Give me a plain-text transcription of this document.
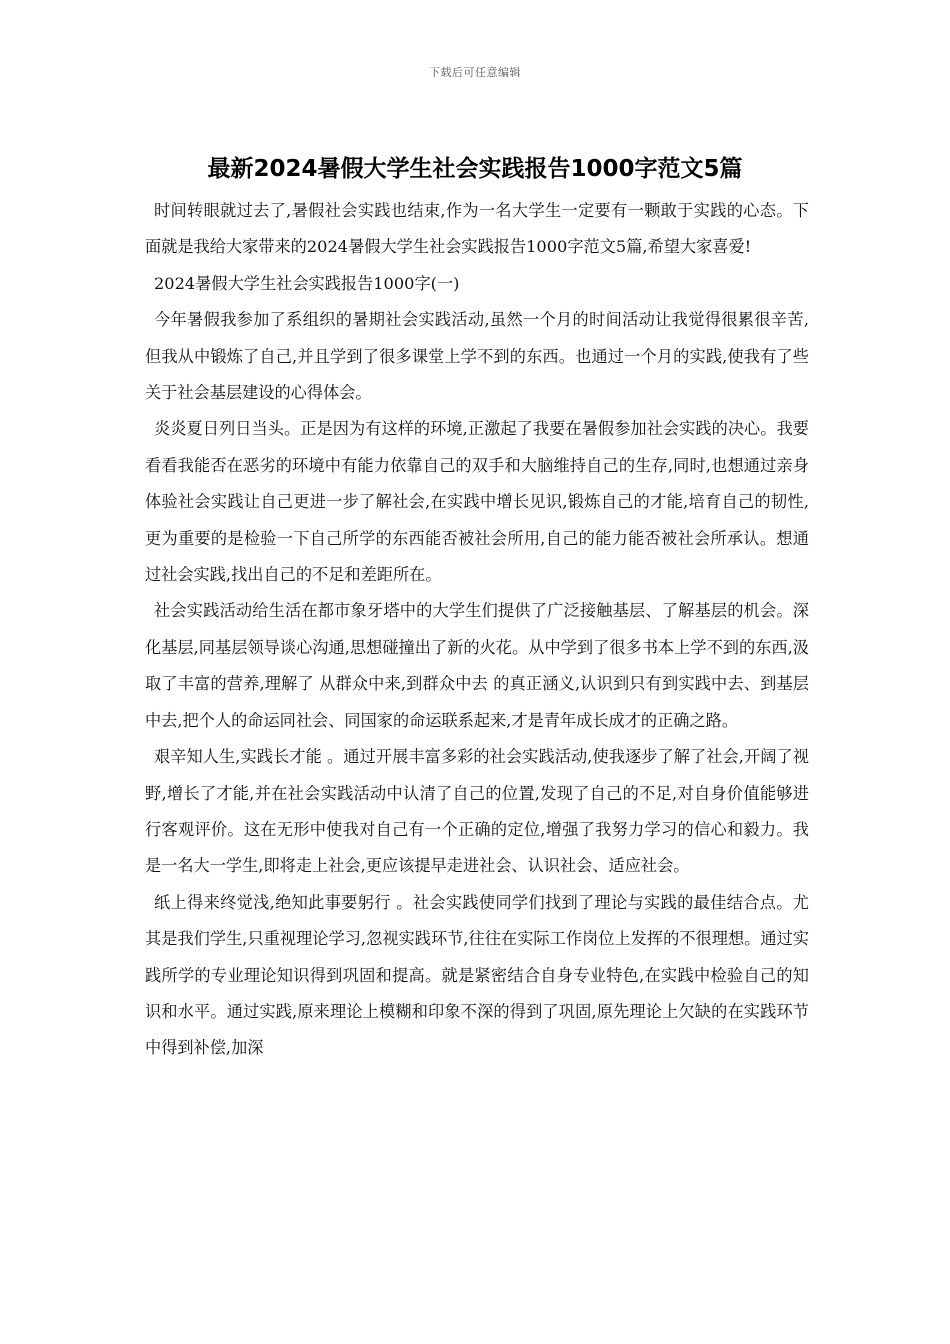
下载后可任意编辑
最新2024暑假大学生社会实践报告1000字范文5篇

时间转眼就过去了,暑假社会实践也结束,作为一名大学生一定要有一颗敢于实践的心态。下面就是我给大家带来的2024暑假大学生社会实践报告1000字范文5篇,希望大家喜爱!

2024暑假大学生社会实践报告1000字(一)

今年暑假我参加了系组织的暑期社会实践活动,虽然一个月的时间活动让我觉得很累很辛苦,但我从中锻炼了自己,并且学到了很多课堂上学不到的东西。也通过一个月的实践,使我有了些关于社会基层建设的心得体会。

炎炎夏日列日当头。正是因为有这样的环境,正激起了我要在暑假参加社会实践的决心。我要看看我能否在恶劣的环境中有能力依靠自己的双手和大脑维持自己的生存,同时,也想通过亲身体验社会实践让自己更进一步了解社会,在实践中增长见识,锻炼自己的才能,培育自己的韧性,更为重要的是检验一下自己所学的东西能否被社会所用,自己的能力能否被社会所承认。想通过社会实践,找出自己的不足和差距所在。

社会实践活动给生活在都市象牙塔中的大学生们提供了广泛接触基层、了解基层的机会。深化基层,同基层领导谈心沟通,思想碰撞出了新的火花。从中学到了很多书本上学不到的东西,汲取了丰富的营养,理解了 从群众中来,到群众中去 的真正涵义,认识到只有到实践中去、到基层中去,把个人的命运同社会、同国家的命运联系起来,才是青年成长成才的正确之路。

艰辛知人生,实践长才能 。通过开展丰富多彩的社会实践活动,使我逐步了解了社会,开阔了视野,增长了才能,并在社会实践活动中认清了自己的位置,发现了自己的不足,对自身价值能够进行客观评价。这在无形中使我对自己有一个正确的定位,增强了我努力学习的信心和毅力。我是一名大一学生,即将走上社会,更应该提早走进社会、认识社会、适应社会。

纸上得来终觉浅,绝知此事要躬行 。社会实践使同学们找到了理论与实践的最佳结合点。尤其是我们学生,只重视理论学习,忽视实践环节,往往在实际工作岗位上发挥的不很理想。通过实践所学的专业理论知识得到巩固和提高。就是紧密结合自身专业特色,在实践中检验自己的知识和水平。通过实践,原来理论上模糊和印象不深的得到了巩固,原先理论上欠缺的在实践环节中得到补偿,加深
